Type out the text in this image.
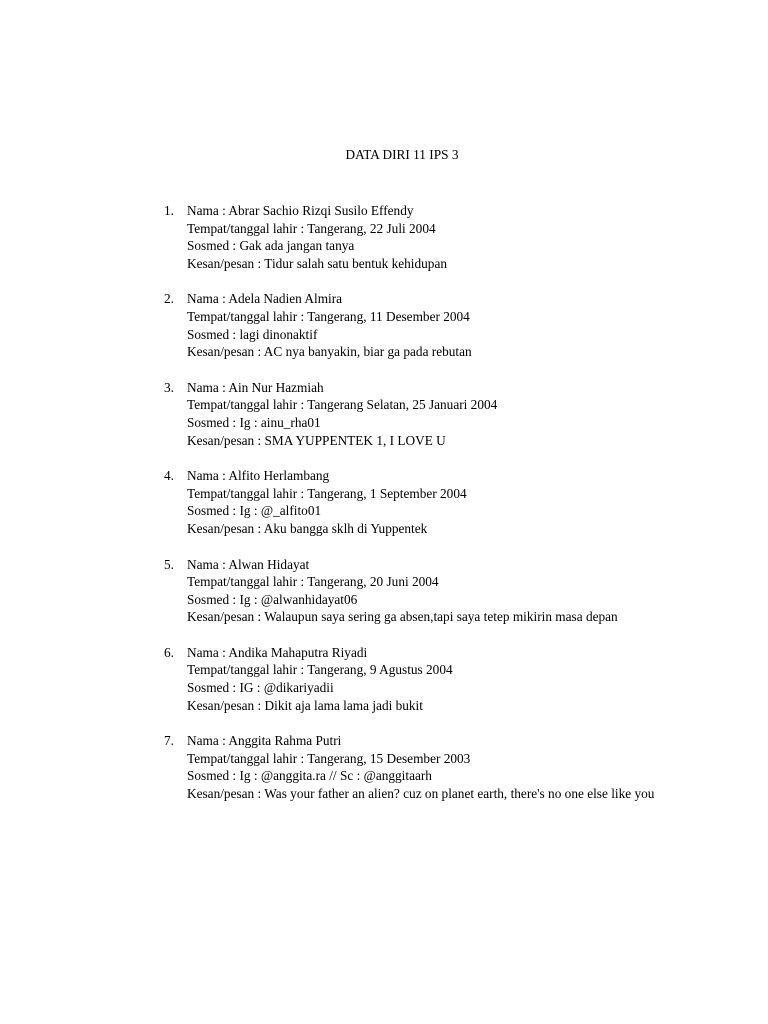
DATA DIRI 11 IPS 3
1. Nama : Abrar Sachio Rizqi Susilo Effendy
Tempat/tanggal lahir : Tangerang, 22 Juli 2004
Sosmed : Gak ada jangan tanya
Kesan/pesan : Tidur salah satu bentuk kehidupan
2. Nama : Adela Nadien Almira
Tempat/tanggal lahir : Tangerang, 11 Desember 2004
Sosmed : lagi dinonaktif
Kesan/pesan : AC nya banyakin, biar ga pada rebutan
3. Nama : Ain Nur Hazmiah
Tempat/tanggal lahir : Tangerang Selatan, 25 Januari 2004
Sosmed : Ig : ainu_rha01
Kesan/pesan : SMA YUPPENTEK 1, I LOVE U
4. Nama : Alfito Herlambang
Tempat/tanggal lahir : Tangerang, 1 September 2004
Sosmed : Ig : @_alfito01
Kesan/pesan : Aku bangga sklh di Yuppentek
5. Nama : Alwan Hidayat
Tempat/tanggal lahir : Tangerang, 20 Juni 2004
Sosmed : Ig : @alwanhidayat06
Kesan/pesan : Walaupun saya sering ga absen,tapi saya tetep mikirin masa depan
6. Nama : Andika Mahaputra Riyadi
Tempat/tanggal lahir : Tangerang, 9 Agustus 2004
Sosmed : IG : @dikariyadii
Kesan/pesan : Dikit aja lama lama jadi bukit
7. Nama : Anggita Rahma Putri
Tempat/tanggal lahir : Tangerang, 15 Desember 2003
Sosmed : Ig : @anggita.ra // Sc : @anggitaarh
Kesan/pesan : Was your father an alien? cuz on planet earth, there's no one else like you
